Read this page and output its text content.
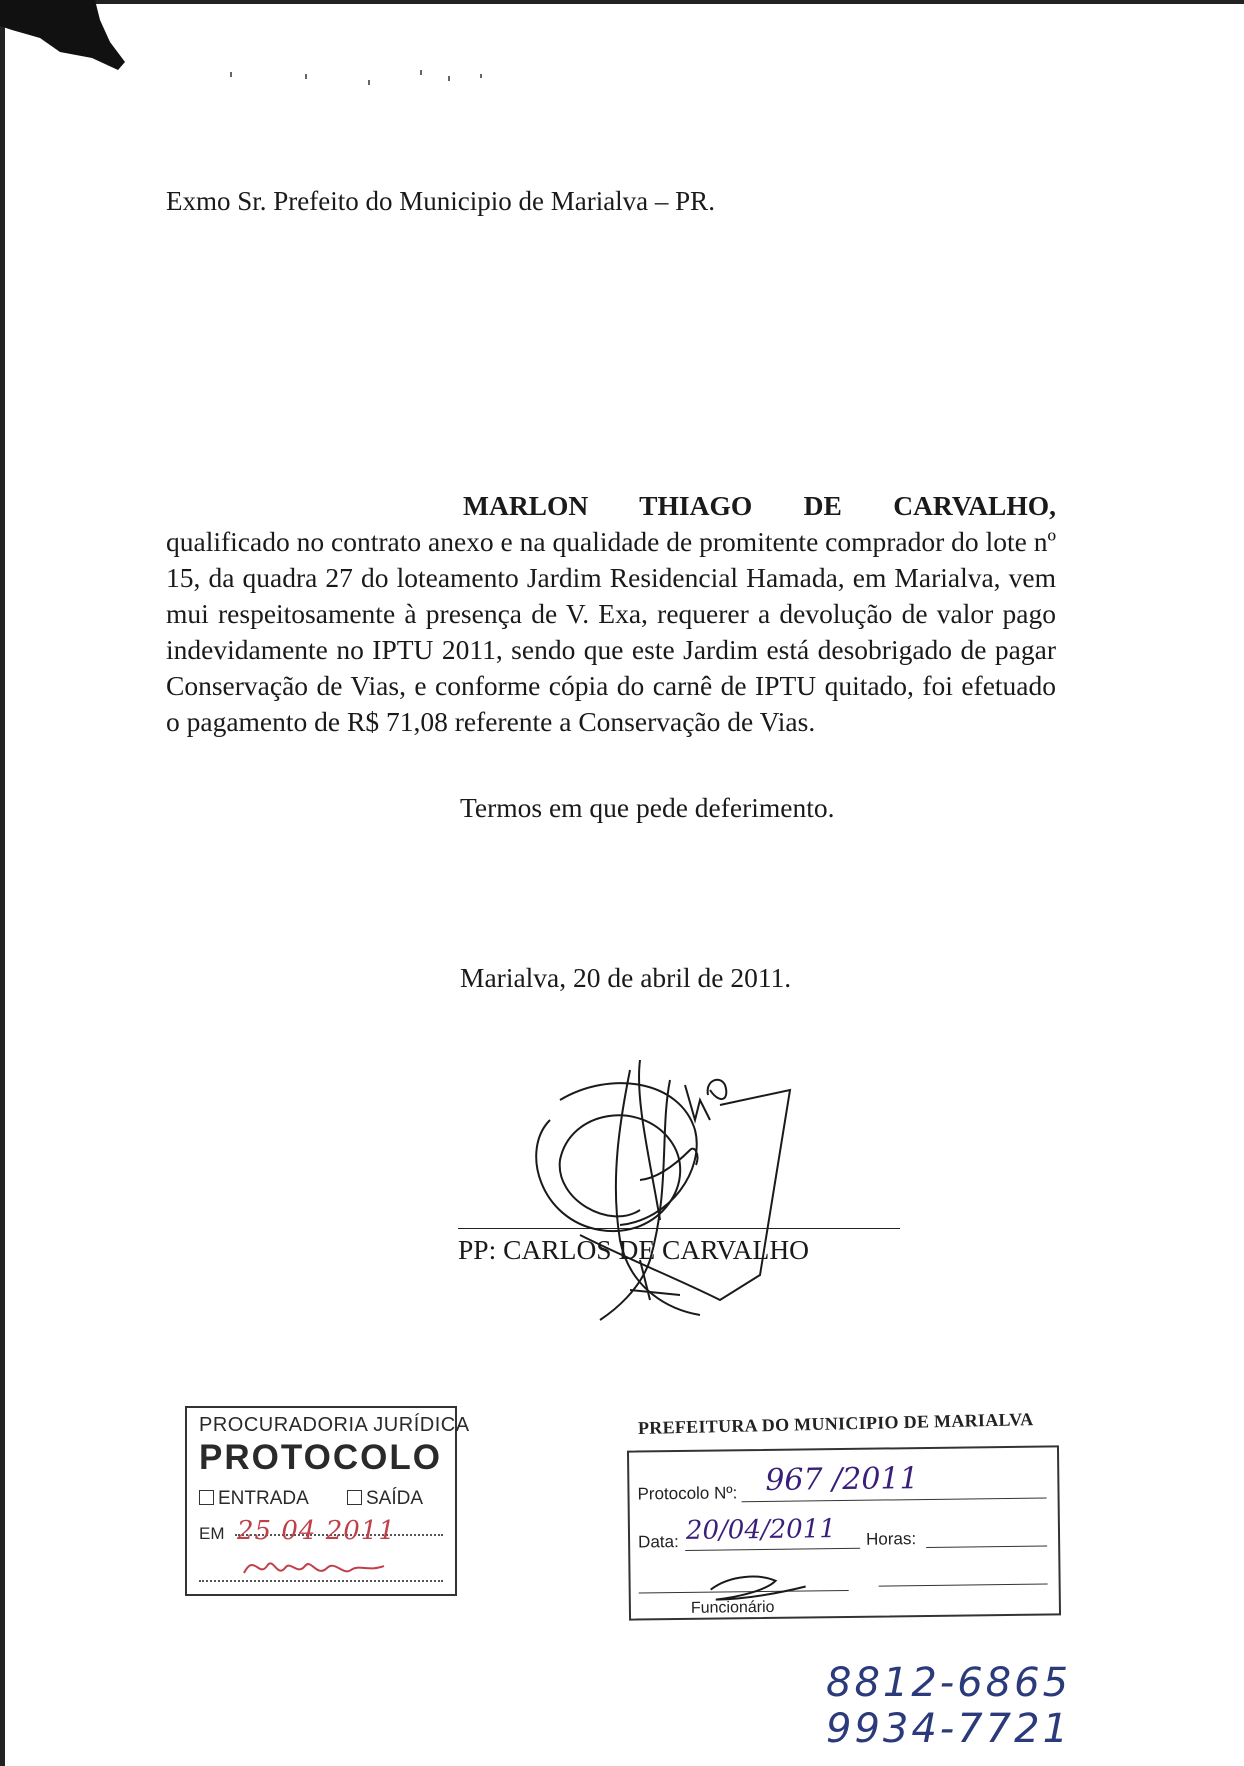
Exmo Sr. Prefeito do Municipio de Marialva – PR.
MARLON THIAGO DE CARVALHO,
qualificado no contrato anexo e na qualidade de promitente comprador do lote nº 15, da quadra 27 do loteamento Jardim Residencial Hamada, em Marialva, vem mui respeitosamente à presença de V. Exa, requerer a devolução de valor pago indevidamente no IPTU 2011, sendo que este Jardim está desobrigado de pagar Conservação de Vias, e conforme cópia do carnê de IPTU quitado, foi efetuado o pagamento de R$ 71,08 referente a Conservação de Vias.
Termos em que pede deferimento.
Marialva, 20 de abril de 2011.
PP: CARLOS DE CARVALHO
PROCURADORIA JURÍDICA
PROTOCOLO
ENTRADA	SAÍDA
EM 25 04 2011
PREFEITURA DO MUNICIPIO DE MARIALVA
Protocolo Nº: 967 /2011
Data: 20/04/2011 Horas:
Funcionário
8812-6865
9934-7721
